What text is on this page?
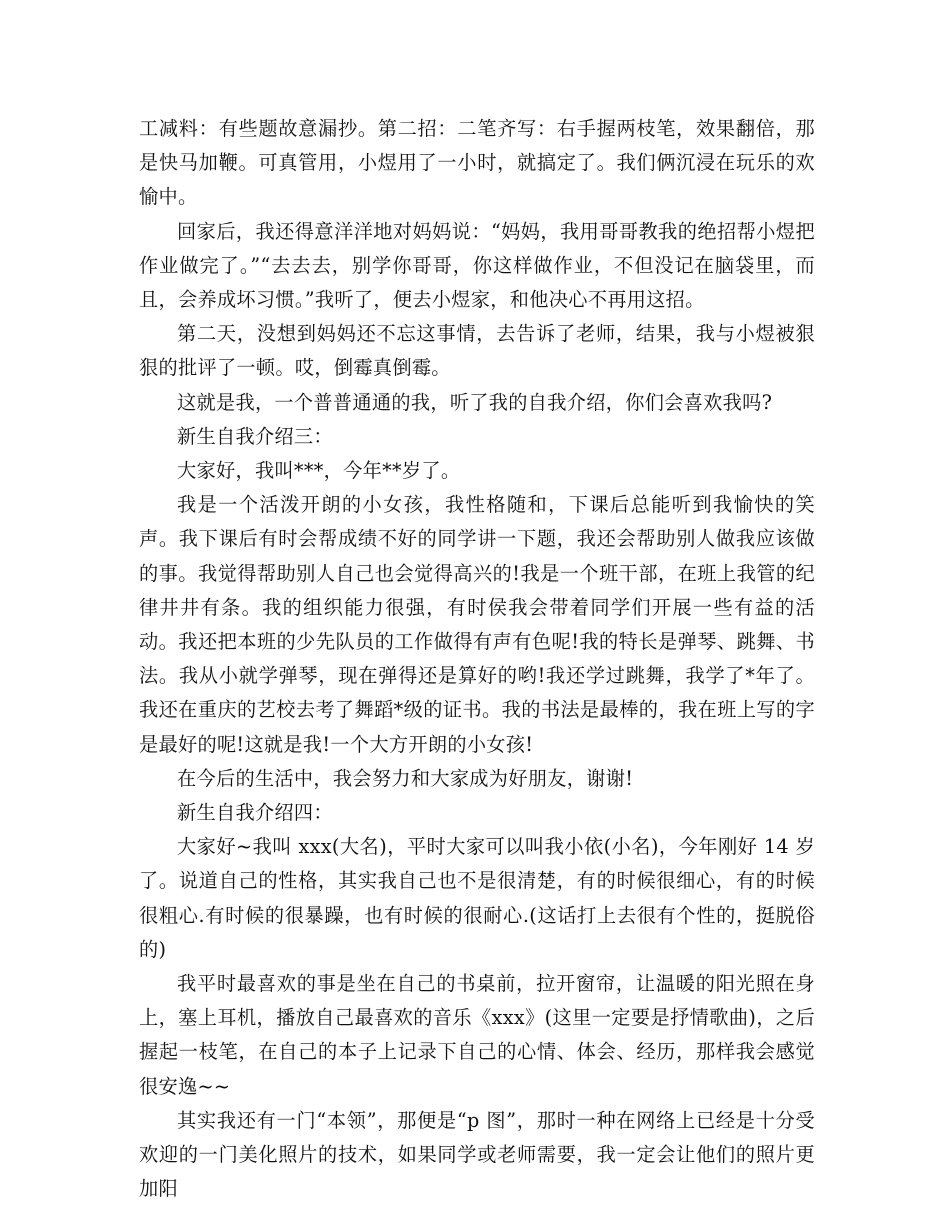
工减料：有些题故意漏抄。第二招：二笔齐写：右手握两枝笔，效果翻倍，那是快马加鞭。可真管用，小煜用了一小时，就搞定了。我们俩沉浸在玩乐的欢愉中。

回家后，我还得意洋洋地对妈妈说：“妈妈，我用哥哥教我的绝招帮小煜把作业做完了。”“去去去，别学你哥哥，你这样做作业，不但没记在脑袋里，而且，会养成坏习惯。”我听了，便去小煜家，和他决心不再用这招。

第二天，没想到妈妈还不忘这事情，去告诉了老师，结果，我与小煜被狠狠的批评了一顿。哎，倒霉真倒霉。

这就是我，一个普普通通的我，听了我的自我介绍，你们会喜欢我吗?

新生自我介绍三：

大家好，我叫***，今年**岁了。

我是一个活泼开朗的小女孩，我性格随和，下课后总能听到我愉快的笑声。我下课后有时会帮成绩不好的同学讲一下题，我还会帮助别人做我应该做的事。我觉得帮助别人自己也会觉得高兴的!我是一个班干部，在班上我管的纪律井井有条。我的组织能力很强，有时侯我会带着同学们开展一些有益的活动。我还把本班的少先队员的工作做得有声有色呢!我的特长是弹琴、跳舞、书法。我从小就学弹琴，现在弹得还是算好的哟!我还学过跳舞，我学了*年了。我还在重庆的艺校去考了舞蹈*级的证书。我的书法是最棒的，我在班上写的字是最好的呢!这就是我!一个大方开朗的小女孩!

在今后的生活中，我会努力和大家成为好朋友，谢谢!

新生自我介绍四：

大家好~我叫 xxx(大名)，平时大家可以叫我小依(小名)，今年刚好 14 岁了。说道自己的性格，其实我自己也不是很清楚，有的时候很细心，有的时候很粗心.有时候的很暴躁，也有时候的很耐心.(这话打上去很有个性的，挺脱俗的)

我平时最喜欢的事是坐在自己的书桌前，拉开窗帘，让温暖的阳光照在身上，塞上耳机，播放自己最喜欢的音乐《xxx》(这里一定要是抒情歌曲)，之后握起一枝笔，在自己的本子上记录下自己的心情、体会、经历，那样我会感觉很安逸~~

其实我还有一门“本领”，那便是“p 图”，那时一种在网络上已经是十分受欢迎的一门美化照片的技术，如果同学或老师需要，我一定会让他们的照片更加阳
